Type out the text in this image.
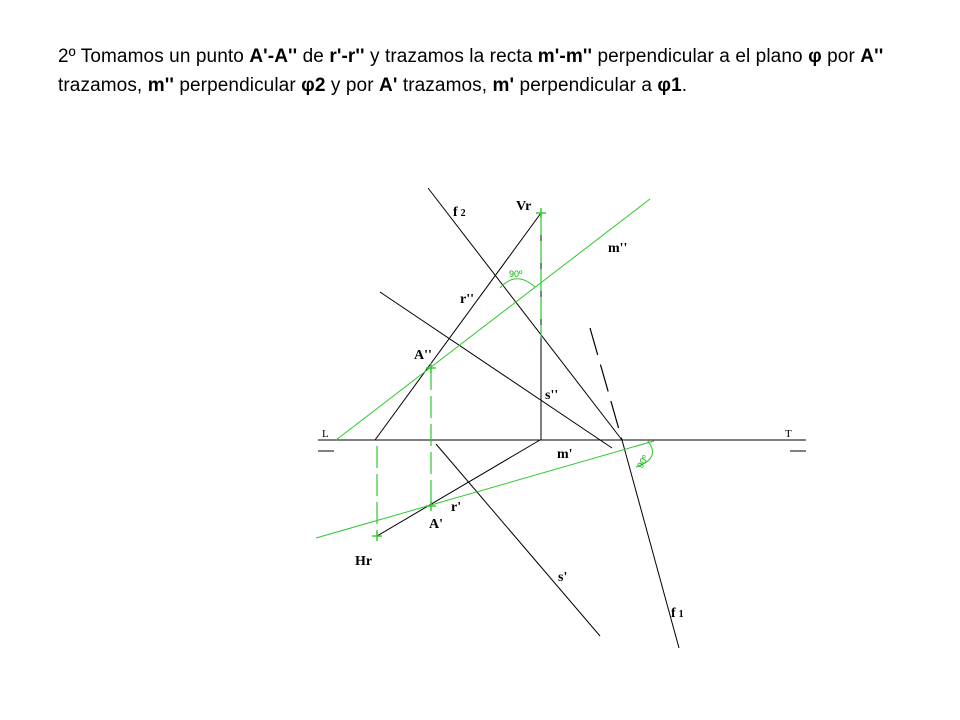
2º Tomamos un punto A'-A'' de r'-r'' y trazamos la recta m'-m'' perpendicular a el plano φ por A'' trazamos, m'' perpendicular φ2 y por A' trazamos, m' perpendicular a φ1.

f 2	Vr
m''
r''
A''
s''
L	T
m'
r'
A'
Hr
s'
f 1
90º
90º
